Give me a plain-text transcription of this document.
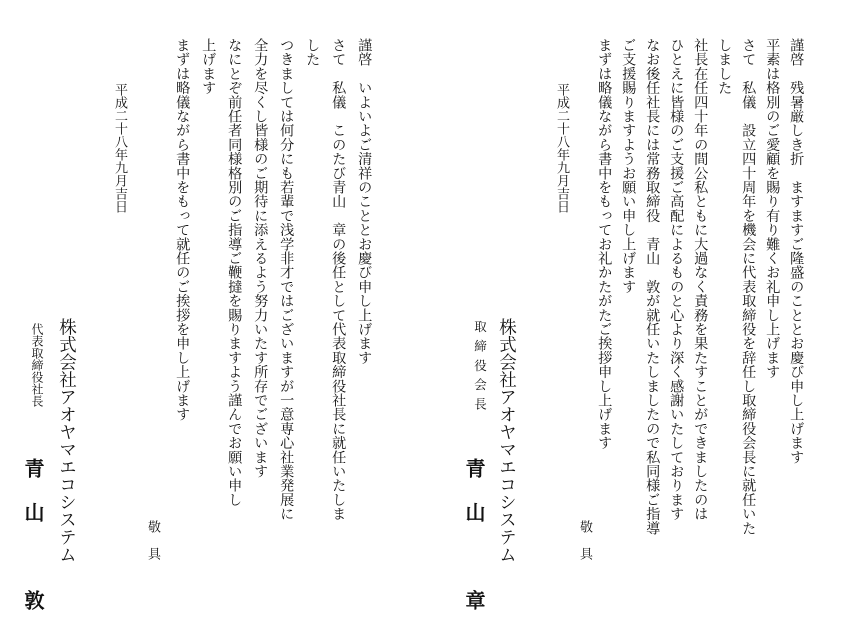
謹啓　残暑厳しき折　ますますご隆盛のこととお慶び申し上げます
平素は格別のご愛顧を賜り有り難くお礼申し上げます
さて　私儀　設立四十周年を機会に代表取締役を辞任し取締役会長に就任いた
しました
社長在任四十年の間公私ともに大過なく責務を果たすことができましたのは
ひとえに皆様のご支援ご高配によるものと心より深く感謝いたしております
なお後任社長には常務取締役　青山　敦が就任いたしましたので私同様ご指導
ご支援賜りますようお願い申し上げます
まずは略儀ながら書中をもってお礼かたがたご挨拶申し上げます
敬具
平成二十八年九月吉日
株式会社アオヤマエコシステム
取締役会長
青山　章
謹啓　いよいよご清祥のこととお慶び申し上げます
さて　私儀　このたび青山　章の後任として代表取締役社長に就任いたしま
した
つきましては何分にも若輩で浅学非才ではございますが一意専心社業発展に
全力を尽くし皆様のご期待に添えるよう努力いたす所存でございます
なにとぞ前任者同様格別のご指導ご鞭撻を賜りますよう謹んでお願い申し
上げます
まずは略儀ながら書中をもって就任のご挨拶を申し上げます
敬具
平成二十八年九月吉日
株式会社アオヤマエコシステム
代表取締役社長
青山　敦
